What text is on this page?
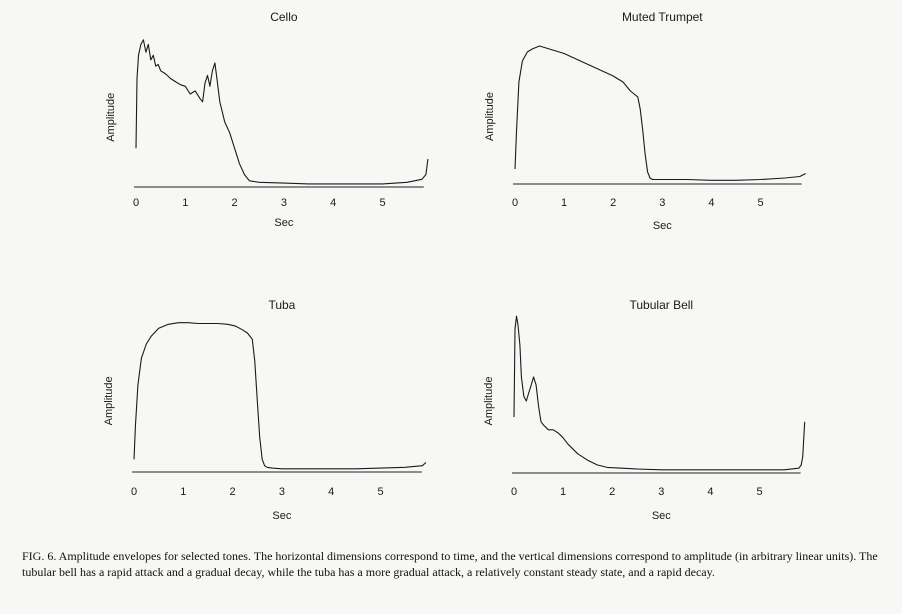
Cello
Amplitude
0	1	2	3	4	5
Sec
Muted Trumpet
Amplitude
0	1	2	3	4	5
Sec
Tuba
Amplitude
0	1	2	3	4	5
Sec
Tubular Bell
Amplitude
0	1	2	3	4	5
Sec

FIG. 6. Amplitude envelopes for selected tones. The horizontal dimensions correspond to time, and the vertical dimensions correspond to amplitude (in arbitrary linear units). The tubular bell has a rapid attack and a gradual decay, while the tuba has a more gradual attack, a relatively constant steady state, and a rapid decay.
